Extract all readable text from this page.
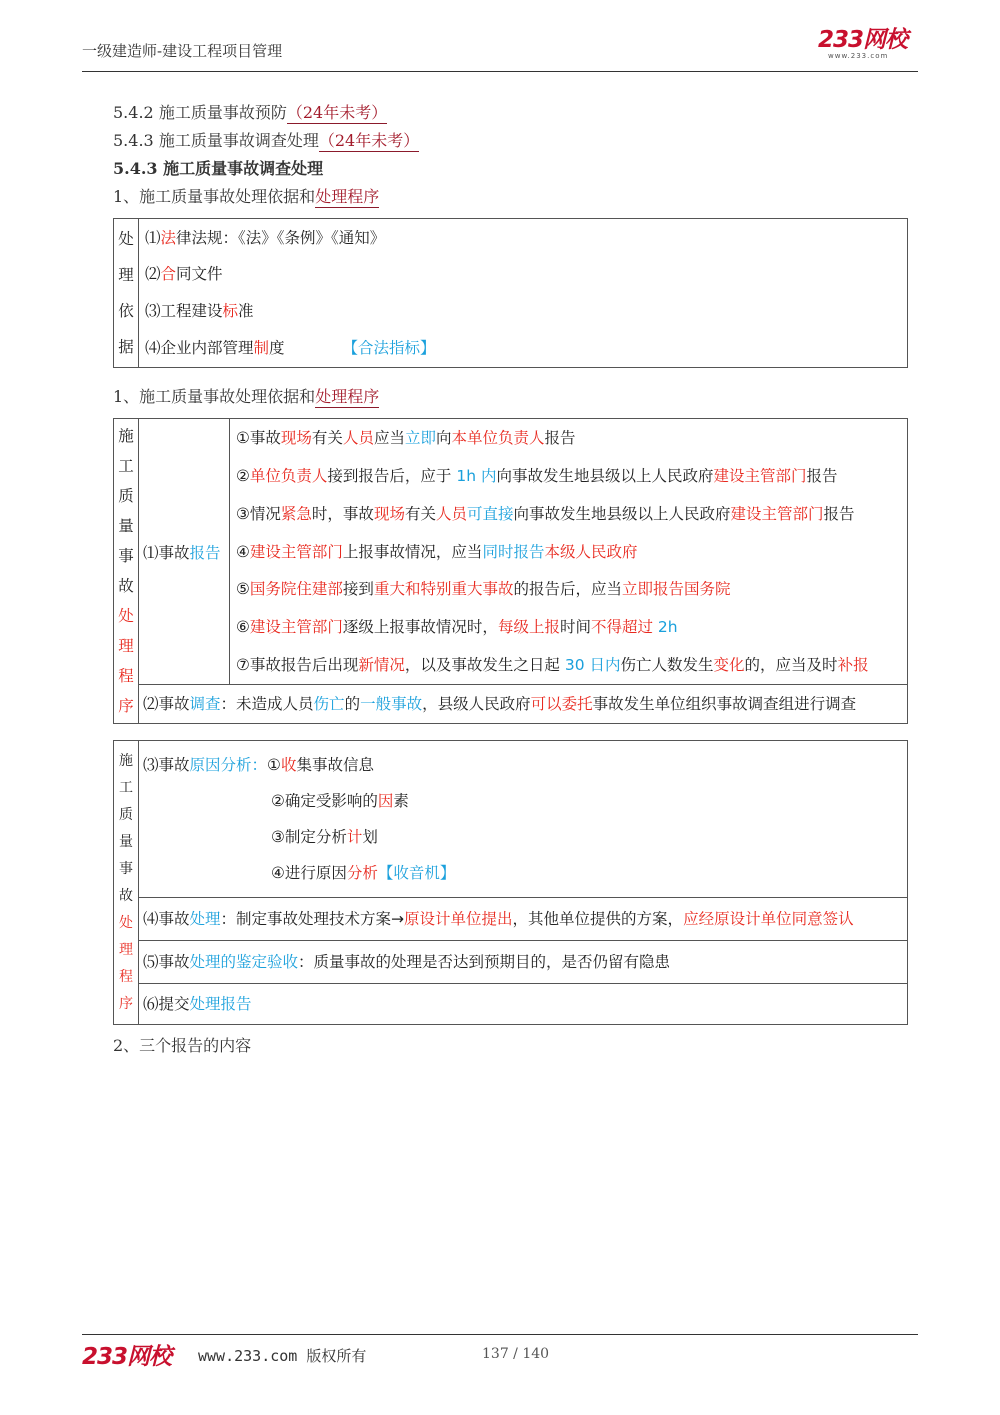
一级建造师-建设工程项目管理	233网校
www.233.com
5.4.2 施工质量事故预防（24年未考）
5.4.3 施工质量事故调查处理（24年未考）
5.4.3 施工质量事故调查处理
1、施工质量事故处理依据和处理程序
处
理
依
据
	⑴法律法规：《法》《条例》《通知》
⑵合同文件
⑶工程建设标准
⑷企业内部管理制度	【合法指标】
1、施工质量事故处理依据和处理程序
施
工
质
量
事
故
处
理
程
序
	⑴事故报告	①事故现场有关人员应当立即向本单位负责人报告
②单位负责人接到报告后，应于 1h 内向事故发生地县级以上人民政府建设主管部门报告
③情况紧急时，事故现场有关人员可直接向事故发生地县级以上人民政府建设主管部门报告
④建设主管部门上报事故情况，应当同时报告本级人民政府
⑤国务院住建部接到重大和特别重大事故的报告后，应当立即报告国务院
⑥建设主管部门逐级上报事故情况时，每级上报时间不得超过 2h
⑦事故报告后出现新情况，以及事故发生之日起 30 日内伤亡人数发生变化的，应当及时补报
⑵事故调查：未造成人员伤亡的一般事故，县级人民政府可以委托事故发生单位组织事故调查组进行调查
施
工
质
量
事
故
处
理
程
序

⑶事故原因分析：①收集事故信息
②确定受影响的因素
③制定分析计划
④进行原因分析【收音机】

⑷事故处理：制定事故处理技术方案→原设计单位提出，其他单位提供的方案，应经原设计单位同意签认
⑸事故处理的鉴定验收：质量事故的处理是否达到预期目的，是否仍留有隐患
⑹提交处理报告
2、三个报告的内容
233网校 www.233.com 版权所有	137 / 140
